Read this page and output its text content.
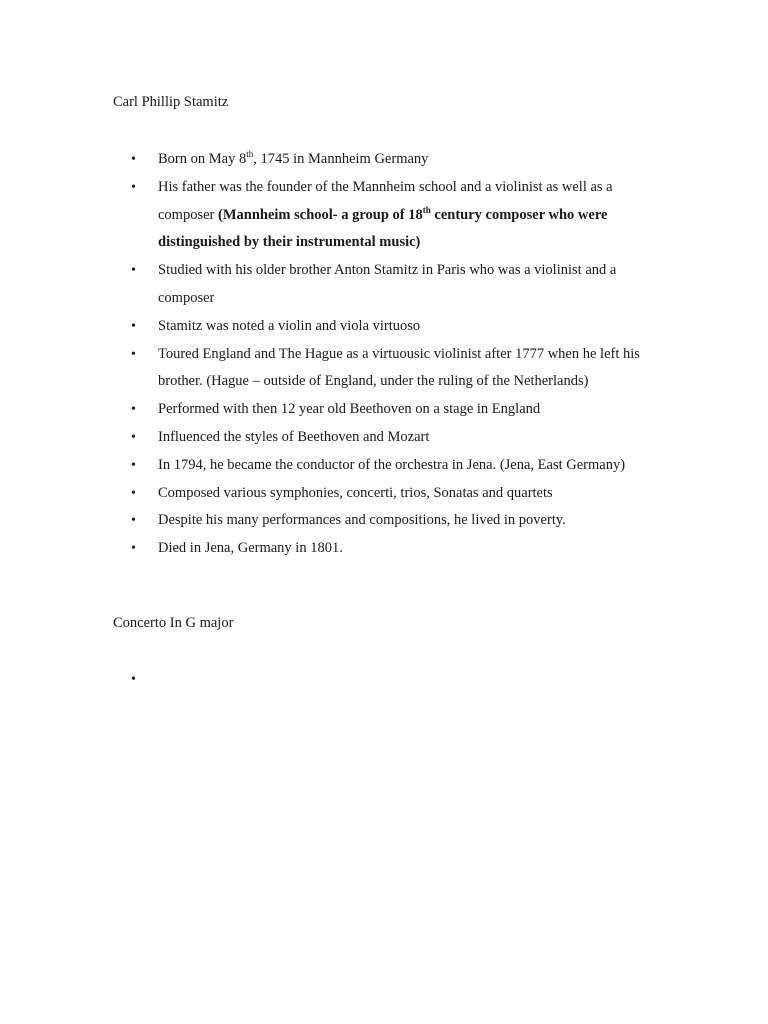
Carl Phillip Stamitz
• Born on May 8th, 1745 in Mannheim Germany
• His father was the founder of the Mannheim school and a violinist as well as a composer (Mannheim school- a group of 18th century composer who were distinguished by their instrumental music)
• Studied with his older brother Anton Stamitz in Paris who was a violinist and a composer
• Stamitz was noted a violin and viola virtuoso
• Toured England and The Hague as a virtuousic violinist after 1777 when he left his brother. (Hague – outside of England, under the ruling of the Netherlands)
• Performed with then 12 year old Beethoven on a stage in England
• Influenced the styles of Beethoven and Mozart
• In 1794, he became the conductor of the orchestra in Jena. (Jena, East Germany)
• Composed various symphonies, concerti, trios, Sonatas and quartets
• Despite his many performances and compositions, he lived in poverty.
• Died in Jena, Germany in 1801.
Concerto In G major
•
